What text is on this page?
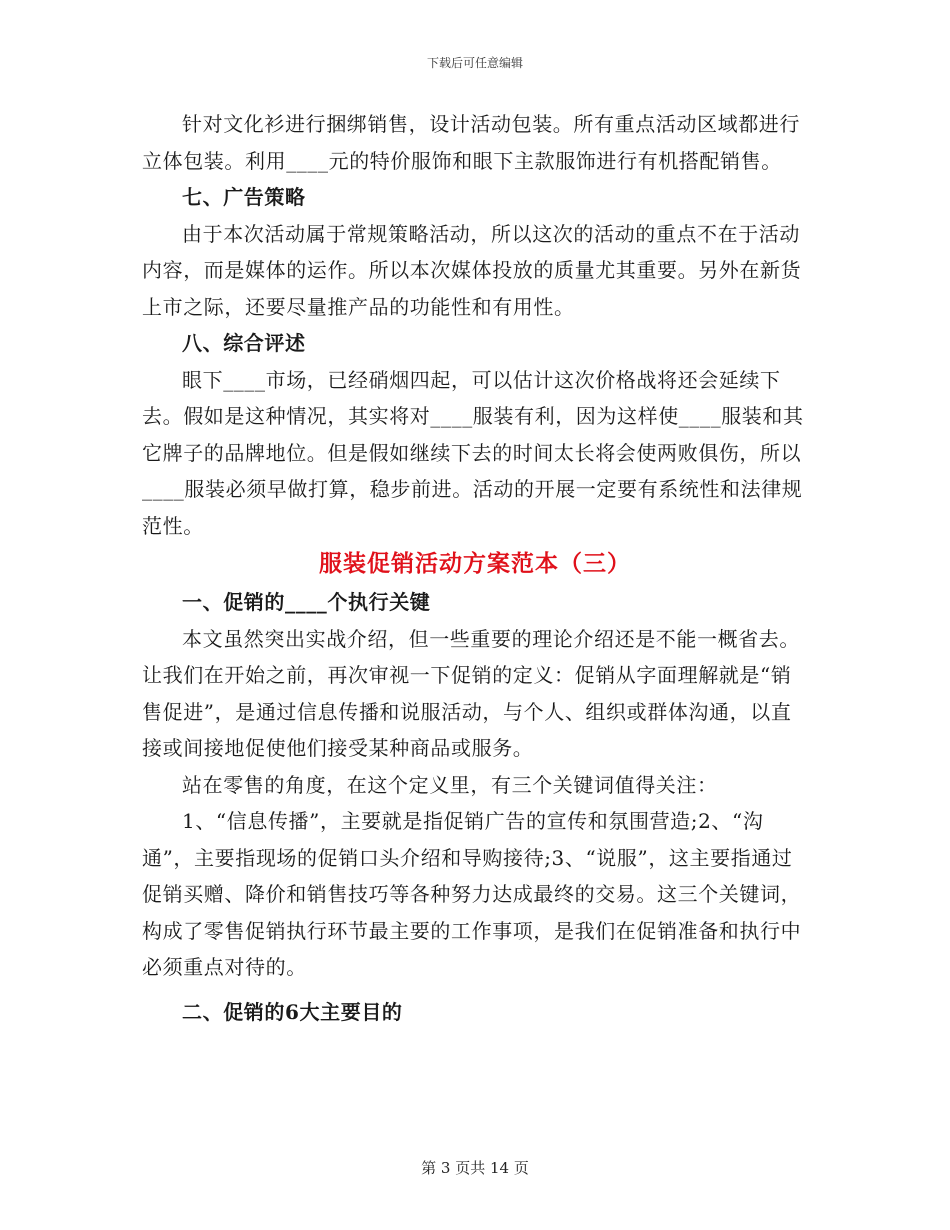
下载后可任意编辑

针对文化衫进行捆绑销售，设计活动包装。所有重点活动区域都进行立体包装。利用____元的特价服饰和眼下主款服饰进行有机搭配销售。

七、广告策略

由于本次活动属于常规策略活动，所以这次的活动的重点不在于活动内容，而是媒体的运作。所以本次媒体投放的质量尤其重要。另外在新货上市之际，还要尽量推产品的功能性和有用性。

八、综合评述

眼下____市场，已经硝烟四起，可以估计这次价格战将还会延续下去。假如是这种情况，其实将对____服装有利，因为这样使____服装和其它牌子的品牌地位。但是假如继续下去的时间太长将会使两败俱伤，所以____服装必须早做打算，稳步前进。活动的开展一定要有系统性和法律规范性。

服装促销活动方案范本（三）

一、促销的____个执行关键

本文虽然突出实战介绍，但一些重要的理论介绍还是不能一概省去。让我们在开始之前，再次审视一下促销的定义：促销从字面理解就是“销售促进”，是通过信息传播和说服活动，与个人、组织或群体沟通，以直接或间接地促使他们接受某种商品或服务。

站在零售的角度，在这个定义里，有三个关键词值得关注：

1、“信息传播”，主要就是指促销广告的宣传和氛围营造;2、“沟通”，主要指现场的促销口头介绍和导购接待;3、“说服”，这主要指通过促销买赠、降价和销售技巧等各种努力达成最终的交易。这三个关键词，构成了零售促销执行环节最主要的工作事项，是我们在促销准备和执行中必须重点对待的。

二、促销的6大主要目的

第 3 页共 14 页
